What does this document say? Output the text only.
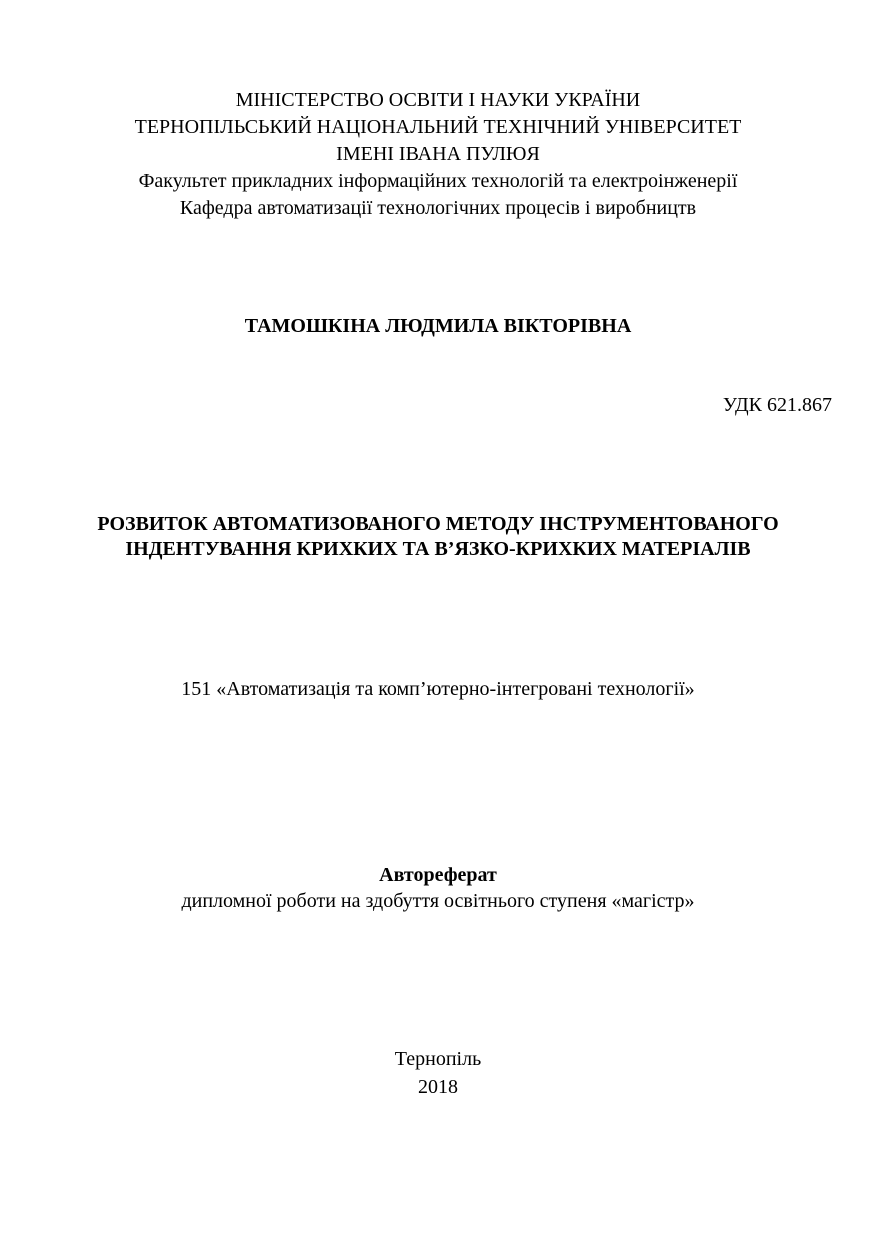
МІНІСТЕРСТВО ОСВІТИ І НАУКИ УКРАЇНИ
ТЕРНОПІЛЬСЬКИЙ НАЦІОНАЛЬНИЙ ТЕХНІЧНИЙ УНІВЕРСИТЕТ
ІМЕНІ ІВАНА ПУЛЮЯ
Факультет прикладних інформаційних технологій та електроінженерії
Кафедра автоматизації технологічних процесів і виробництв
ТАМОШКІНА ЛЮДМИЛА ВІКТОРІВНА
УДК 621.867
РОЗВИТОК АВТОМАТИЗОВАНОГО МЕТОДУ ІНСТРУМЕНТОВАНОГО
ІНДЕНТУВАННЯ КРИХКИХ ТА В’ЯЗКО-КРИХКИХ МАТЕРІАЛІВ
151 «Автоматизація та комп’ютерно-інтегровані технології»
Автореферат
дипломної роботи на здобуття освітнього ступеня «магістр»
Тернопіль
2018
